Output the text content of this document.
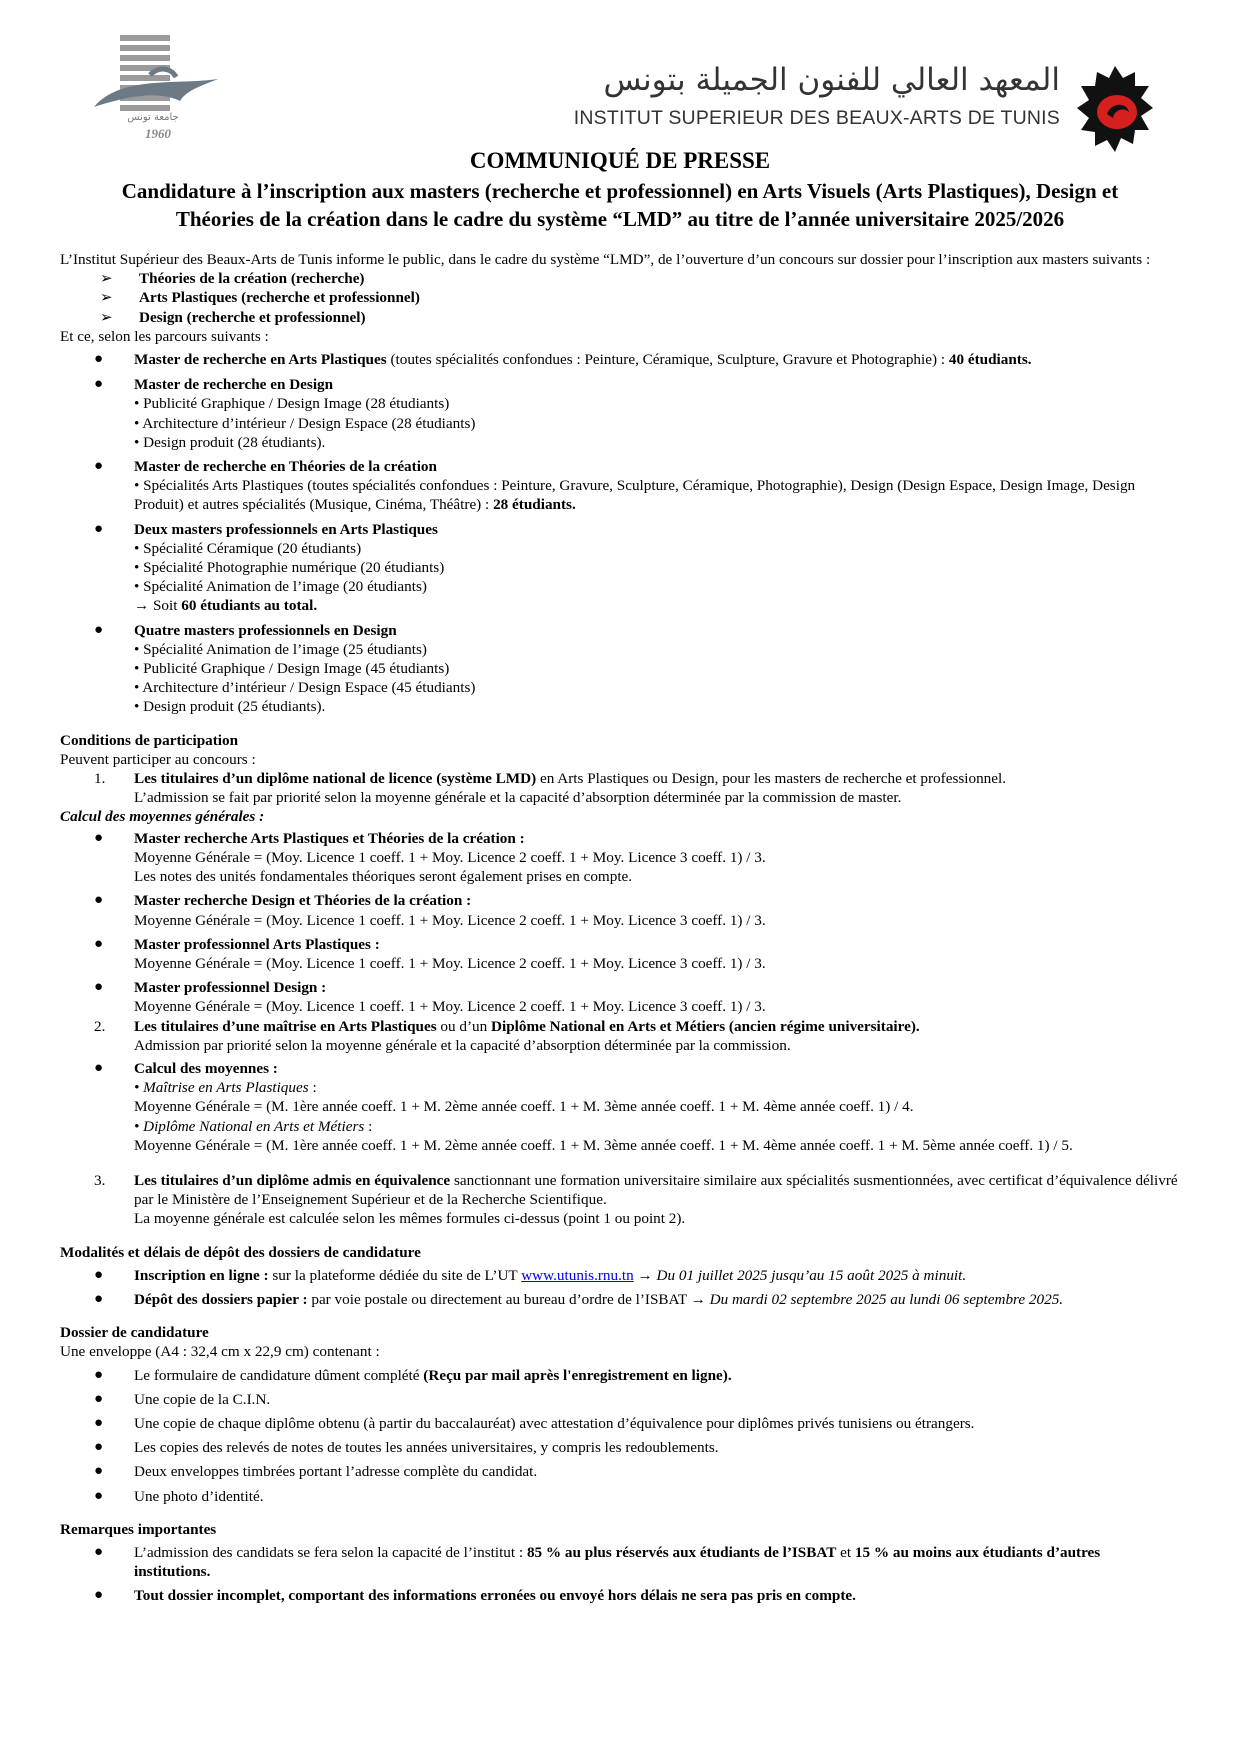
جامعة تونس
1960
المعهد العالي للفنون الجميلة بتونس
INSTITUT SUPERIEUR DES BEAUX-ARTS DE TUNIS
COMMUNIQUÉ DE PRESSE
Candidature à l’inscription aux masters (recherche et professionnel) en Arts Visuels (Arts Plastiques), Design et
Théories de la création dans le cadre du système “LMD” au titre de l’année universitaire 2025/2026

L’Institut Supérieur des Beaux-Arts de Tunis informe le public, dans le cadre du système “LMD”, de l’ouverture d’un concours sur dossier pour l’inscription aux masters suivants :

➢	Théories de la création (recherche)
➢	Arts Plastiques (recherche et professionnel)
➢	Design (recherche et professionnel)

Et ce, selon les parcours suivants :

● Master de recherche en Arts Plastiques (toutes spécialités confondues : Peinture, Céramique, Sculpture, Gravure et Photographie) : 40 étudiants.
● Master de recherche en Design
• Publicité Graphique / Design Image (28 étudiants)
• Architecture d’intérieur / Design Espace (28 étudiants)
• Design produit (28 étudiants).
● Master de recherche en Théories de la création
• Spécialités Arts Plastiques (toutes spécialités confondues : Peinture, Gravure, Sculpture, Céramique, Photographie), Design (Design Espace, Design Image, Design Produit) et autres spécialités (Musique, Cinéma, Théâtre) : 28 étudiants.
● Deux masters professionnels en Arts Plastiques
• Spécialité Céramique (20 étudiants)
• Spécialité Photographie numérique (20 étudiants)
• Spécialité Animation de l’image (20 étudiants)
→ Soit 60 étudiants au total.
● Quatre masters professionnels en Design
• Spécialité Animation de l’image (25 étudiants)
• Publicité Graphique / Design Image (45 étudiants)
• Architecture d’intérieur / Design Espace (45 étudiants)
• Design produit (25 étudiants).

Conditions de participation

Peuvent participer au concours :

1. Les titulaires d’un diplôme national de licence (système LMD) en Arts Plastiques ou Design, pour les masters de recherche et professionnel.
L’admission se fait par priorité selon la moyenne générale et la capacité d’absorption déterminée par la commission de master.

Calcul des moyennes générales :

● Master recherche Arts Plastiques et Théories de la création :
Moyenne Générale = (Moy. Licence 1 coeff. 1 + Moy. Licence 2 coeff. 1 + Moy. Licence 3 coeff. 1) / 3.
Les notes des unités fondamentales théoriques seront également prises en compte.
● Master recherche Design et Théories de la création :
Moyenne Générale = (Moy. Licence 1 coeff. 1 + Moy. Licence 2 coeff. 1 + Moy. Licence 3 coeff. 1) / 3.
● Master professionnel Arts Plastiques :
Moyenne Générale = (Moy. Licence 1 coeff. 1 + Moy. Licence 2 coeff. 1 + Moy. Licence 3 coeff. 1) / 3.
● Master professionnel Design :
Moyenne Générale = (Moy. Licence 1 coeff. 1 + Moy. Licence 2 coeff. 1 + Moy. Licence 3 coeff. 1) / 3.
2. Les titulaires d’une maîtrise en Arts Plastiques ou d’un Diplôme National en Arts et Métiers (ancien régime universitaire).
Admission par priorité selon la moyenne générale et la capacité d’absorption déterminée par la commission.
● Calcul des moyennes :
• Maîtrise en Arts Plastiques :
Moyenne Générale = (M. 1ère année coeff. 1 + M. 2ème année coeff. 1 + M. 3ème année coeff. 1 + M. 4ème année coeff. 1) / 4.
• Diplôme National en Arts et Métiers :
Moyenne Générale = (M. 1ère année coeff. 1 + M. 2ème année coeff. 1 + M. 3ème année coeff. 1 + M. 4ème année coeff. 1 + M. 5ème année coeff. 1) / 5.
3. Les titulaires d’un diplôme admis en équivalence sanctionnant une formation universitaire similaire aux spécialités susmentionnées, avec certificat d’équivalence délivré par le Ministère de l’Enseignement Supérieur et de la Recherche Scientifique.
La moyenne générale est calculée selon les mêmes formules ci-dessus (point 1 ou point 2).

Modalités et délais de dépôt des dossiers de candidature

● Inscription en ligne : sur la plateforme dédiée du site de L’UT www.utunis.rnu.tn → Du 01 juillet 2025 jusqu’au 15 août 2025 à minuit.
● Dépôt des dossiers papier : par voie postale ou directement au bureau d’ordre de l’ISBAT → Du mardi 02 septembre 2025 au lundi 06 septembre 2025.

Dossier de candidature

Une enveloppe (A4 : 32,4 cm x 22,9 cm) contenant :

● Le formulaire de candidature dûment complété (Reçu par mail après l'enregistrement en ligne).
● Une copie de la C.I.N.
● Une copie de chaque diplôme obtenu (à partir du baccalauréat) avec attestation d’équivalence pour diplômes privés tunisiens ou étrangers.
● Les copies des relevés de notes de toutes les années universitaires, y compris les redoublements.
● Deux enveloppes timbrées portant l’adresse complète du candidat.
● Une photo d’identité.

Remarques importantes

● L’admission des candidats se fera selon la capacité de l’institut : 85 % au plus réservés aux étudiants de l’ISBAT et 15 % au moins aux étudiants d’autres institutions.
● Tout dossier incomplet, comportant des informations erronées ou envoyé hors délais ne sera pas pris en compte.
